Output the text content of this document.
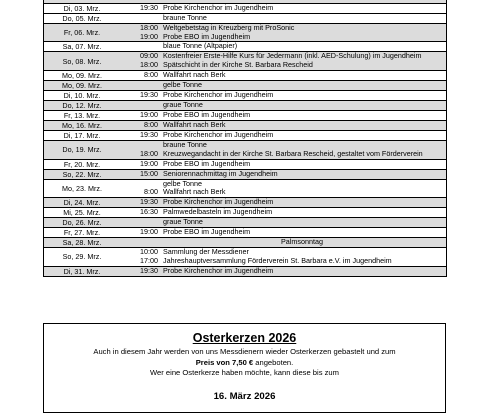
Di, 03. Mrz.	19:30 Probe Kirchenchor im Jugendheim

Do, 05. Mrz.	braune Tonne

Fr, 06. Mrz.	18:00 Weltgebetstag in Kreuzberg mit ProSonic
19:00 Probe EBO im Jugendheim

Sa, 07. Mrz.	blaue Tonne (Altpapier)

So, 08. Mrz.	09:00 Kostenfreier Erste-Hilfe Kurs für Jedermann (inkl. AED-Schulung) im Jugendheim
18:00 Spätschicht in der Kirche St. Barbara Rescheid

Mo, 09. Mrz.	8:00 Wallfahrt nach Berk

Mo, 09. Mrz.	gelbe Tonne

Di, 10. Mrz.	19:30 Probe Kirchenchor im Jugendheim

Do, 12. Mrz.	graue Tonne

Fr, 13. Mrz.	19:00 Probe EBO im Jugendheim

Mo, 16. Mrz.	8:00 Wallfahrt nach Berk

Di, 17. Mrz.	19:30 Probe Kirchenchor im Jugendheim

Do, 19. Mrz.	braune Tonne
18:00 Kreuzwegandacht in der Kirche St. Barbara Rescheid, gestaltet vom Förderverein

Fr, 20. Mrz.	19:00 Probe EBO im Jugendheim

So, 22. Mrz.	15:00 Seniorennachmittag im Jugendheim

Mo, 23. Mrz.	gelbe Tonne
8:00 Wallfahrt nach Berk

Di, 24. Mrz.	19:30 Probe Kirchenchor im Jugendheim

Mi, 25. Mrz.	16:30 Palmwedelbasteln im Jugendheim

Do, 26. Mrz.	graue Tonne

Fr, 27. Mrz.	19:00 Probe EBO im Jugendheim

Sa, 28. Mrz.	Palmsonntag

So, 29. Mrz.	10:00 Sammlung der Messdiener
17:00 Jahreshauptversammlung Förderverein St. Barbara e.V. im Jugendheim

Di, 31. Mrz.	19:30 Probe Kirchenchor im Jugendheim
Osterkerzen 2026

Auch in diesem Jahr werden von uns Messdienern wieder Osterkerzen gebastelt und zum

Preis von 7,50 € angeboten.

Wer eine Osterkerze haben möchte, kann diese bis zum

16. März 2026
